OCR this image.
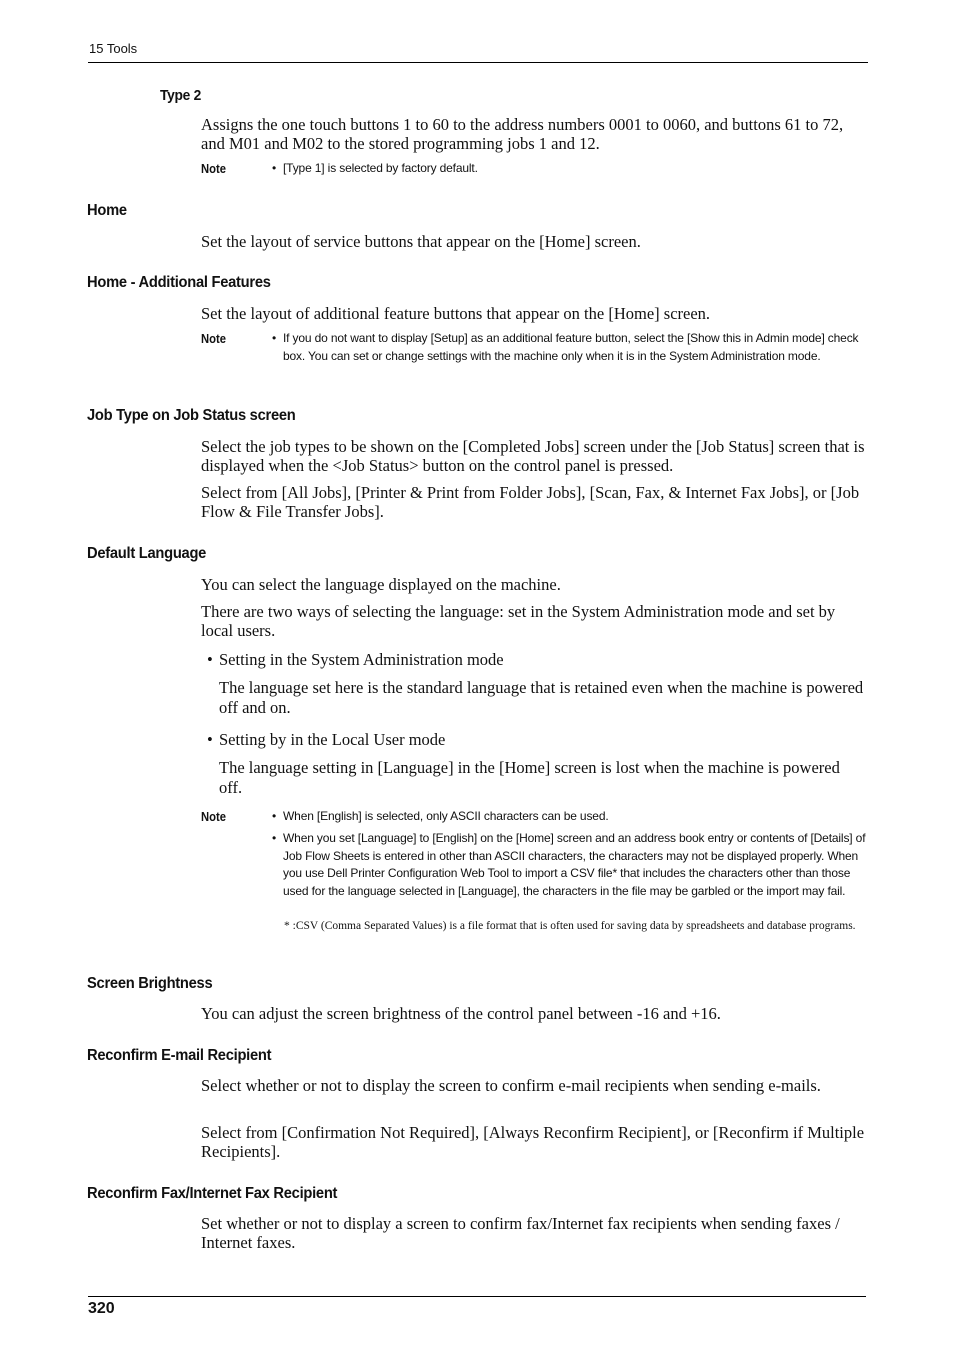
15 Tools
Type 2
Assigns the one touch buttons 1 to 60 to the address numbers 0001 to 0060, and buttons 61 to 72, and M01 and M02 to the stored programming jobs 1 and 12.
Note	• [Type 1] is selected by factory default.
Home
Set the layout of service buttons that appear on the [Home] screen.
Home - Additional Features
Set the layout of additional feature buttons that appear on the [Home] screen.
Note	• If you do not want to display [Setup] as an additional feature button, select the [Show this in Admin mode] check box. You can set or change settings with the machine only when it is in the System Administration mode.
Job Type on Job Status screen
Select the job types to be shown on the [Completed Jobs] screen under the [Job Status] screen that is displayed when the <Job Status> button on the control panel is pressed.
Select from [All Jobs], [Printer & Print from Folder Jobs], [Scan, Fax, & Internet Fax Jobs], or [Job Flow & File Transfer Jobs].
Default Language
You can select the language displayed on the machine.
There are two ways of selecting the language: set in the System Administration mode and set by local users.
• Setting in the System Administration mode
The language set here is the standard language that is retained even when the machine is powered off and on.
• Setting by in the Local User mode
The language setting in [Language] in the [Home] screen is lost when the machine is powered off.
Note	• When [English] is selected, only ASCII characters can be used.
• When you set [Language] to [English] on the [Home] screen and an address book entry or contents of [Details] of Job Flow Sheets is entered in other than ASCII characters, the characters may not be displayed properly. When you use Dell Printer Configuration Web Tool to import a CSV file* that includes the characters other than those used for the language selected in [Language], the characters in the file may be garbled or the import may fail.
* :CSV (Comma Separated Values) is a file format that is often used for saving data by spreadsheets and database programs.
Screen Brightness
You can adjust the screen brightness of the control panel between -16 and +16.
Reconfirm E-mail Recipient
Select whether or not to display the screen to confirm e-mail recipients when sending e-mails.
Select from [Confirmation Not Required], [Always Reconfirm Recipient], or [Reconfirm if Multiple Recipients].
Reconfirm Fax/Internet Fax Recipient
Set whether or not to display a screen to confirm fax/Internet fax recipients when sending faxes / Internet faxes.
320
